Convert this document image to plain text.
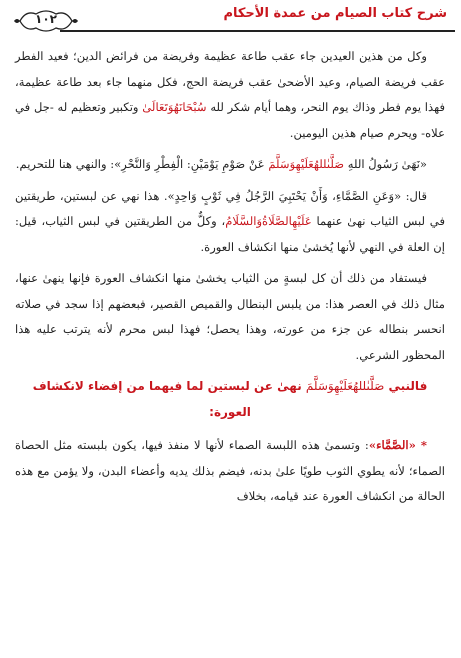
١٠٢	شرح كتاب الصيام من عمدة الأحكام

وكل من هذين العيدين جاء عقب طاعة عظيمة وفريضة من فرائض الدين؛ فعيد الفطر عقب فريضة الصيام، وعيد الأضحىٰ عقب فريضة الحج، فكل منهما جاء بعد طاعة عظيمة، فهذا يوم فطر وذاك يوم النحر، وهما أيام شكر لله سُبْحَانَهُوَتَعَالَىٰ وتكبير وتعظيم له -جل في علاه- ويحرم صيام هذين اليومين.

«نَهَىٰ رَسُولُ اللهِ صَلَّىٰللهُعَلَيْهِوَسَلَّمَ عَنْ صَوْمِ يَوْمَيْنِ: الْفِطْرِ وَالنَّحْرِ»: والنهي هنا للتحريم.

قال: «وَعَنِ الصَّمَّاءِ، وَأَنْ يَحْتَبِيَ الرَّجُلُ فِي ثَوْبٍ وَاحِدٍ». هذا نهي عن لبستين، طريقتين في لبس الثياب نهىٰ عنهما عَلَيْهِالصَّلَاةُوَالسَّلَامُ، وكلٌّ من الطريقتين في لبس الثياب، قيل: إن العلة في النهي لأنها يُخشىٰ منها انكشاف العورة.

فيستفاد من ذلك أن كل لبسةٍ من الثياب يخشىٰ منها انكشاف العورة فإنها ينهىٰ عنها، مثال ذلك في العصر هذا: من يلبس البنطال والقميص القصير، فبعضهم إذا سجد في صلاته انحسر بنطاله عن جزء من عورته، وهذا يحصل؛ فهذا لبس محرم لأنه يترتب عليه هذا المحظور الشرعي.

فالنبي صَلَّىٰللهُعَلَيْهِوَسَلَّمَ نهىٰ عن لبستين لما فيهما من إفضاء لانكشاف العورة:

* «الصَّمَّاء»: وتسمىٰ هذه اللبسة الصماء لأنها لا منفذ فيها، يكون بلبسته مثل الحصاة الصماء؛ لأنه يطوي الثوب طويًا علىٰ بدنه، فيضم بذلك يديه وأعضاء البدن، ولا يؤمن مع هذه الحالة من انكشاف العورة عند قيامه، بخلاف
